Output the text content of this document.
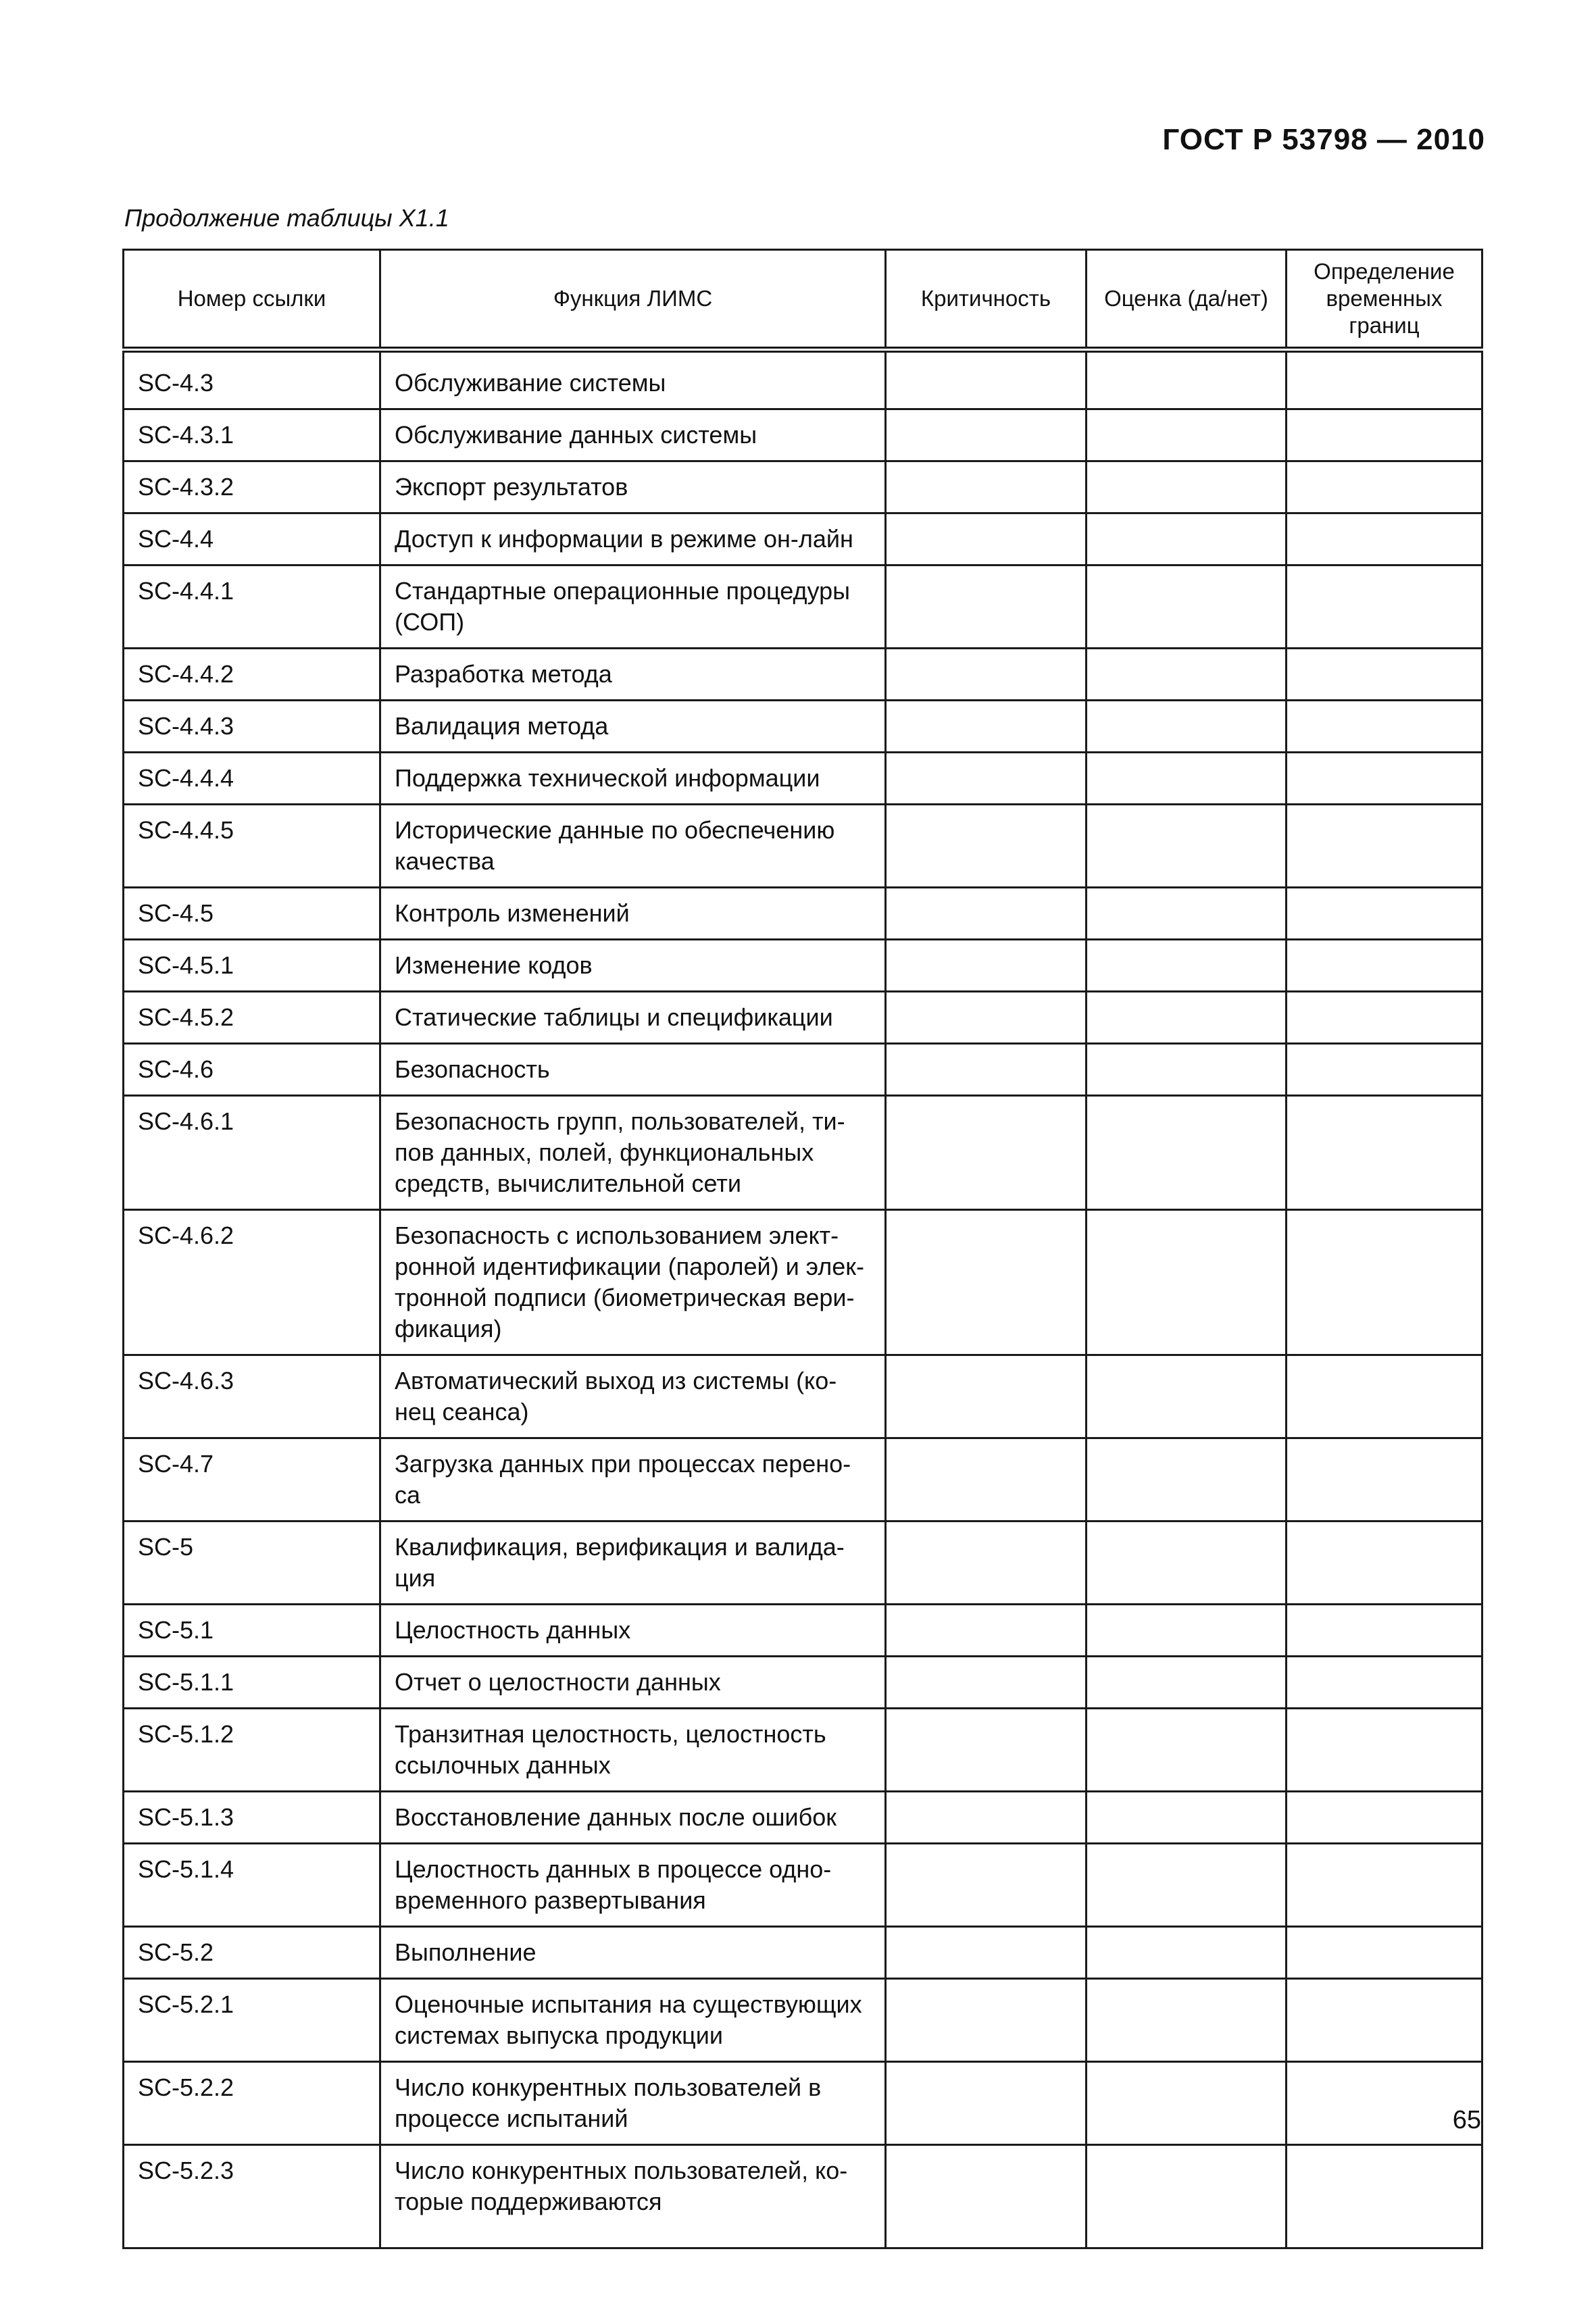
ГОСТ Р 53798 — 2010
Продолжение таблицы X1.1
Номер ссылки	Функция ЛИМС	Критичность	Оценка (да/нет)	Определение временных границ
SC-4.3	Обслуживание системы			

SC-4.3.1	Обслуживание данных системы			

SC-4.3.2	Экспорт результатов			

SC-4.4	Доступ к информации в режиме он-лайн			

SC-4.4.1	Стандартные операционные процедуры
(СОП)			

SC-4.4.2	Разработка метода			

SC-4.4.3	Валидация метода			

SC-4.4.4	Поддержка технической информации			

SC-4.4.5	Исторические данные по обеспечению
качества			

SC-4.5	Контроль изменений			

SC-4.5.1	Изменение кодов			

SC-4.5.2	Статические таблицы и спецификации			

SC-4.6	Безопасность			

SC-4.6.1	Безопасность групп, пользователей, ти-
пов данных, полей, функциональных
средств, вычислительной сети			

SC-4.6.2	Безопасность с использованием элект-
ронной идентификации (паролей) и элек-
тронной подписи (биометрическая вери-
фикация)			

SC-4.6.3	Автоматический выход из системы (ко-
нец сеанса)			

SC-4.7	Загрузка данных при процессах перено-
са			

SC-5	Квалификация, верификация и валида-
ция			

SC-5.1	Целостность данных			

SC-5.1.1	Отчет о целостности данных			

SC-5.1.2	Транзитная целостность, целостность
ссылочных данных			

SC-5.1.3	Восстановление данных после ошибок			

SC-5.1.4	Целостность данных в процессе одно-
временного развертывания			

SC-5.2	Выполнение			

SC-5.2.1	Оценочные испытания на существующих
системах выпуска продукции			

SC-5.2.2	Число конкурентных пользователей в
процессе испытаний			

SC-5.2.3	Число конкурентных пользователей, ко-
торые поддерживаются			

65
